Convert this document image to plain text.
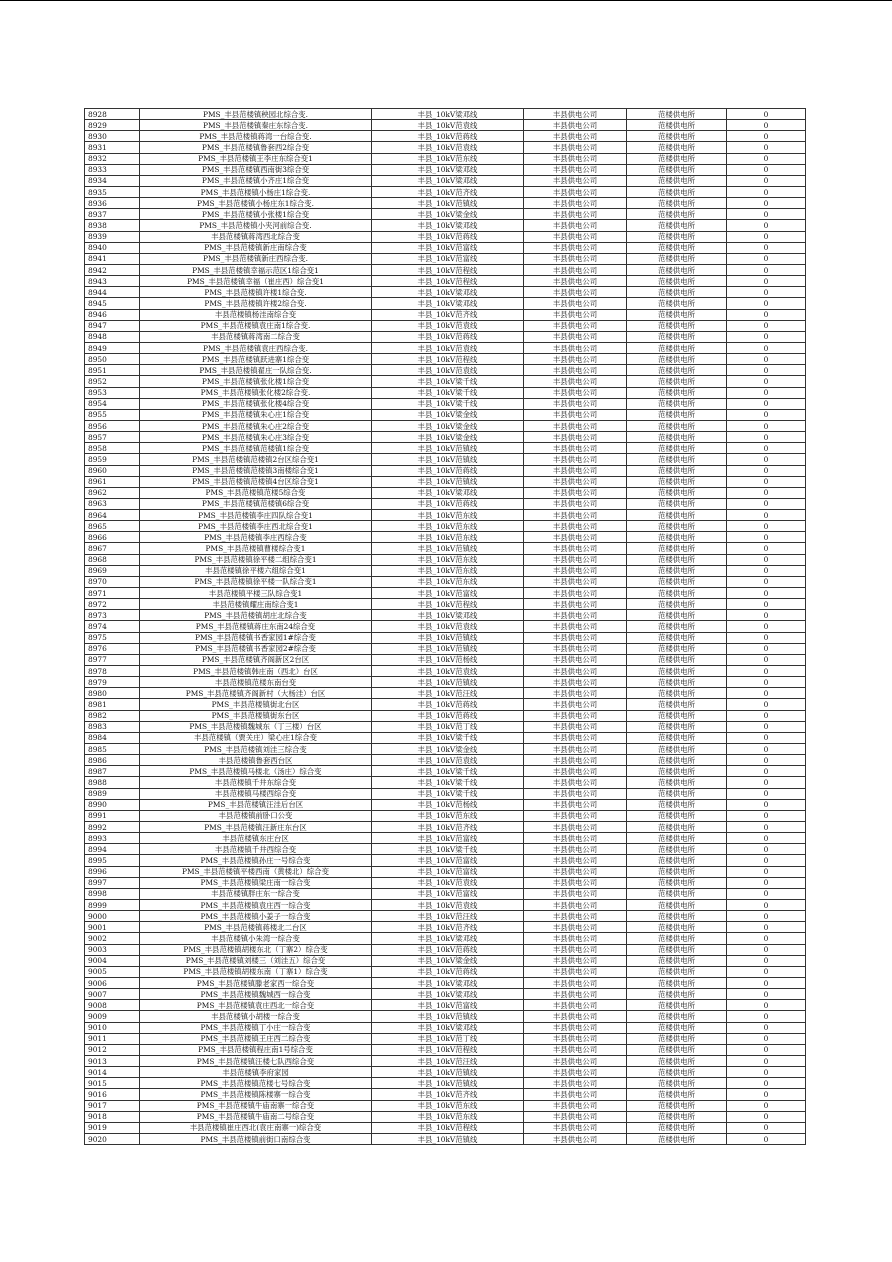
8928	PMS_丰县范楼镇秧园北综合变.	丰县_10kV梁邓线	丰县供电公司	范楼供电所	0
8929	PMS_丰县范楼镇秦庄东综合变.	丰县_10kV范袁线	丰县供电公司	范楼供电所	0
8930	PMS_丰县范楼镇蒋湾一台综合变.	丰县_10kV范蒋线	丰县供电公司	范楼供电所	0
8931	PMS_丰县范楼镇鲁套西2综合变	丰县_10kV范袁线	丰县供电公司	范楼供电所	0
8932	PMS_丰县范楼镇王李庄东综合变1	丰县_10kV范东线	丰县供电公司	范楼供电所	0
8933	PMS_丰县范楼镇西南街3综合变	丰县_10kV梁邓线	丰县供电公司	范楼供电所	0
8934	PMS_丰县范楼镇小齐庄1综合变	丰县_10kV梁邓线	丰县供电公司	范楼供电所	0
8935	PMS_丰县范楼镇小杨庄1综合变.	丰县_10kV范齐线	丰县供电公司	范楼供电所	0
8936	PMS_丰县范楼镇小杨庄东1综合变.	丰县_10kV范镇线	丰县供电公司	范楼供电所	0
8937	PMS_丰县范楼镇小张楼1综合变	丰县_10kV梁金线	丰县供电公司	范楼供电所	0
8938	PMS_丰县范楼镇小夹河前综合变.	丰县_10kV梁邓线	丰县供电公司	范楼供电所	0
8939	丰县范楼镇蒋湾西北综合变	丰县_10kV范蒋线	丰县供电公司	范楼供电所	0
8940	PMS_丰县范楼镇新庄南综合变	丰县_10kV范富线	丰县供电公司	范楼供电所	0
8941	PMS_丰县范楼镇新庄西综合变.	丰县_10kV范富线	丰县供电公司	范楼供电所	0
8942	PMS_丰县范楼镇幸福示范区1综合变1	丰县_10kV范程线	丰县供电公司	范楼供电所	0
8943	PMS_丰县范楼镇幸福（崔庄西）综合变1	丰县_10kV范程线	丰县供电公司	范楼供电所	0
8944	PMS_丰县范楼镇许楼1综合变.	丰县_10kV梁邓线	丰县供电公司	范楼供电所	0
8945	PMS_丰县范楼镇许楼2综合变.	丰县_10kV梁邓线	丰县供电公司	范楼供电所	0
8946	丰县范楼镇杨洼南综合变	丰县_10kV范齐线	丰县供电公司	范楼供电所	0
8947	PMS_丰县范楼镇袁庄南1综合变.	丰县_10kV范袁线	丰县供电公司	范楼供电所	0
8948	丰县范楼镇蒋湾南二综合变	丰县_10kV范蒋线	丰县供电公司	范楼供电所	0
8949	PMS_丰县范楼镇袁庄西综合变.	丰县_10kV范袁线	丰县供电公司	范楼供电所	0
8950	PMS_丰县范楼镇跃进寨1综合变	丰县_10kV范程线	丰县供电公司	范楼供电所	0
8951	PMS_丰县范楼镇翟庄一队综合变.	丰县_10kV范袁线	丰县供电公司	范楼供电所	0
8952	PMS_丰县范楼镇张化楼1综合变	丰县_10kV梁千线	丰县供电公司	范楼供电所	0
8953	PMS_丰县范楼镇张化楼2综合变.	丰县_10kV梁千线	丰县供电公司	范楼供电所	0
8954	PMS_丰县范楼镇张化楼4综合变	丰县_10kV梁千线	丰县供电公司	范楼供电所	0
8955	PMS_丰县范楼镇朱心庄1综合变	丰县_10kV梁金线	丰县供电公司	范楼供电所	0
8956	PMS_丰县范楼镇朱心庄2综合变	丰县_10kV梁金线	丰县供电公司	范楼供电所	0
8957	PMS_丰县范楼镇朱心庄3综合变	丰县_10kV梁金线	丰县供电公司	范楼供电所	0
8958	PMS_丰县范楼镇范楼镇1综合变	丰县_10kV范镇线	丰县供电公司	范楼供电所	0
8959	PMS_丰县范楼镇范楼镇2台区综合变1	丰县_10kV范镇线	丰县供电公司	范楼供电所	0
8960	PMS_丰县范楼镇范楼镇3南楼综合变1	丰县_10kV范蒋线	丰县供电公司	范楼供电所	0
8961	PMS_丰县范楼镇范楼镇4台区综合变1	丰县_10kV范镇线	丰县供电公司	范楼供电所	0
8962	PMS_丰县范楼镇范楼5综合变	丰县_10kV梁邓线	丰县供电公司	范楼供电所	0
8963	PMS_丰县范楼镇范楼镇6综合变	丰县_10kV范蒋线	丰县供电公司	范楼供电所	0
8964	PMS_丰县范楼镇李庄四队综合变1	丰县_10kV范东线	丰县供电公司	范楼供电所	0
8965	PMS_丰县范楼镇李庄西北综合变1	丰县_10kV范东线	丰县供电公司	范楼供电所	0
8966	PMS_丰县范楼镇李庄西综合变	丰县_10kV范东线	丰县供电公司	范楼供电所	0
8967	PMS_丰县范楼镇曹楼综合变1	丰县_10kV范镇线	丰县供电公司	范楼供电所	0
8968	PMS_丰县范楼镇徐平楼二组综合变1	丰县_10kV范东线	丰县供电公司	范楼供电所	0
8969	丰县范楼镇徐平楼六组综合变1	丰县_10kV范东线	丰县供电公司	范楼供电所	0
8970	PMS_丰县范楼镇徐平楼一队综合变1	丰县_10kV范东线	丰县供电公司	范楼供电所	0
8971	丰县范楼镇平楼三队综合变1	丰县_10kV范富线	丰县供电公司	范楼供电所	0
8972	丰县范楼镇耀庄南综合变1	丰县_10kV范程线	丰县供电公司	范楼供电所	0
8973	PMS_丰县范楼镇胡庄北综合变	丰县_10kV梁邓线	丰县供电公司	范楼供电所	0
8974	PMS_丰县范楼镇蒋庄东南24综合变	丰县_10kV范袁线	丰县供电公司	范楼供电所	0
8975	PMS_丰县范楼镇书香家园1#综合变	丰县_10kV范镇线	丰县供电公司	范楼供电所	0
8976	PMS_丰县范楼镇书香家园2#综合变	丰县_10kV范镇线	丰县供电公司	范楼供电所	0
8977	PMS_丰县范楼镇齐阁新区2台区	丰县_10kV范杨线	丰县供电公司	范楼供电所	0
8978	PMS_丰县范楼镇韩庄南（西北）台区	丰县_10kV范袁线	丰县供电公司	范楼供电所	0
8979	丰县范楼镇范楼东南台变	丰县_10kV范镇线	丰县供电公司	范楼供电所	0
8980	PMS_丰县范楼镇齐阁新村（大杨洼）台区	丰县_10kV范汪线	丰县供电公司	范楼供电所	0
8981	PMS_丰县范楼镇街北台区	丰县_10kV范蒋线	丰县供电公司	范楼供电所	0
8982	PMS_丰县范楼镇街东台区	丰县_10kV范蒋线	丰县供电公司	范楼供电所	0
8983	PMS_丰县范楼镇魏城东（丁三楼）台区	丰县_10kV范丁线	丰县供电公司	范楼供电所	0
8984	丰县范楼镇（贾关庄）梁心庄1综合变	丰县_10kV梁千线	丰县供电公司	范楼供电所	0
8985	PMS_丰县范楼镇刘洼三综合变	丰县_10kV梁金线	丰县供电公司	范楼供电所	0
8986	丰县范楼镇鲁套西台区	丰县_10kV范袁线	丰县供电公司	范楼供电所	0
8987	PMS_丰县范楼镇马楼北（汤庄）综合变	丰县_10kV梁千线	丰县供电公司	范楼供电所	0
8988	丰县范楼镇千井东综合变	丰县_10kV梁千线	丰县供电公司	范楼供电所	0
8989	丰县范楼镇马楼西综合变	丰县_10kV梁千线	丰县供电公司	范楼供电所	0
8990	PMS_丰县范楼镇汪洼后台区	丰县_10kV范杨线	丰县供电公司	范楼供电所	0
8991	丰县范楼镇前卧口公变	丰县_10kV范东线	丰县供电公司	范楼供电所	0
8992	PMS_丰县范楼镇汪新庄东台区	丰县_10kV范齐线	丰县供电公司	范楼供电所	0
8993	丰县范楼镇东庄台区	丰县_10kV范富线	丰县供电公司	范楼供电所	0
8994	丰县范楼镇千井西综合变	丰县_10kV梁千线	丰县供电公司	范楼供电所	0
8995	PMS_丰县范楼镇孙庄一号综合变	丰县_10kV范富线	丰县供电公司	范楼供电所	0
8996	PMS_丰县范楼镇平楼西南（黄楼北）综合变	丰县_10kV范富线	丰县供电公司	范楼供电所	0
8997	PMS_丰县范楼镇梁庄南一综合变	丰县_10kV范袁线	丰县供电公司	范楼供电所	0
8998	丰县范楼镇胖庄东一综合变	丰县_10kV范富线	丰县供电公司	范楼供电所	0
8999	PMS_丰县范楼镇袁庄西一综合变	丰县_10kV范袁线	丰县供电公司	范楼供电所	0
9000	PMS_丰县范楼镇小姜子一综合变	丰县_10kV范汪线	丰县供电公司	范楼供电所	0
9001	PMS_丰县范楼镇蒋楼北二台区	丰县_10kV范齐线	丰县供电公司	范楼供电所	0
9002	丰县范楼镇小朱湾一综合变	丰县_10kV梁邓线	丰县供电公司	范楼供电所	0
9003	PMS_丰县范楼镇胡楼东北（丁寨2）综合变	丰县_10kV范蒋线	丰县供电公司	范楼供电所	0
9004	PMS_丰县范楼镇刘楼三（刘洼五）综合变	丰县_10kV梁金线	丰县供电公司	范楼供电所	0
9005	PMS_丰县范楼镇胡楼东南（丁寨1）综合变	丰县_10kV范蒋线	丰县供电公司	范楼供电所	0
9006	PMS_丰县范楼镇滕老家西一综合变	丰县_10kV梁邓线	丰县供电公司	范楼供电所	0
9007	PMS_丰县范楼镇魏城西一综合变	丰县_10kV梁邓线	丰县供电公司	范楼供电所	0
9008	PMS_丰县范楼镇袁庄西北一综合变	丰县_10kV范富线	丰县供电公司	范楼供电所	0
9009	丰县范楼镇小胡楼一综合变	丰县_10kV范镇线	丰县供电公司	范楼供电所	0
9010	PMS_丰县范楼镇丁小庄一综合变	丰县_10kV梁邓线	丰县供电公司	范楼供电所	0
9011	PMS_丰县范楼镇王庄西二综合变	丰县_10kV范丁线	丰县供电公司	范楼供电所	0
9012	PMS_丰县范楼镇程庄南1号综合变	丰县_10kV范程线	丰县供电公司	范楼供电所	0
9013	PMS_丰县范楼镇汪楼七队西综合变	丰县_10kV范汪线	丰县供电公司	范楼供电所	0
9014	丰县范楼镇李府家园	丰县_10kV范镇线	丰县供电公司	范楼供电所	0
9015	PMS_丰县范楼镇范楼七号综合变	丰县_10kV范镇线	丰县供电公司	范楼供电所	0
9016	PMS_丰县范楼镇陈楼寨一综合变	丰县_10kV范齐线	丰县供电公司	范楼供电所	0
9017	PMS_丰县范楼镇牛庙南寨一综合变	丰县_10kV范东线	丰县供电公司	范楼供电所	0
9018	PMS_丰县范楼镇牛庙南二号综合变	丰县_10kV范东线	丰县供电公司	范楼供电所	0
9019	丰县范楼镇崔庄西北(袁庄南寨一)综合变	丰县_10kV范程线	丰县供电公司	范楼供电所	0
9020	PMS_丰县范楼镇前街口南综合变	丰县_10kV范镇线	丰县供电公司	范楼供电所	0
